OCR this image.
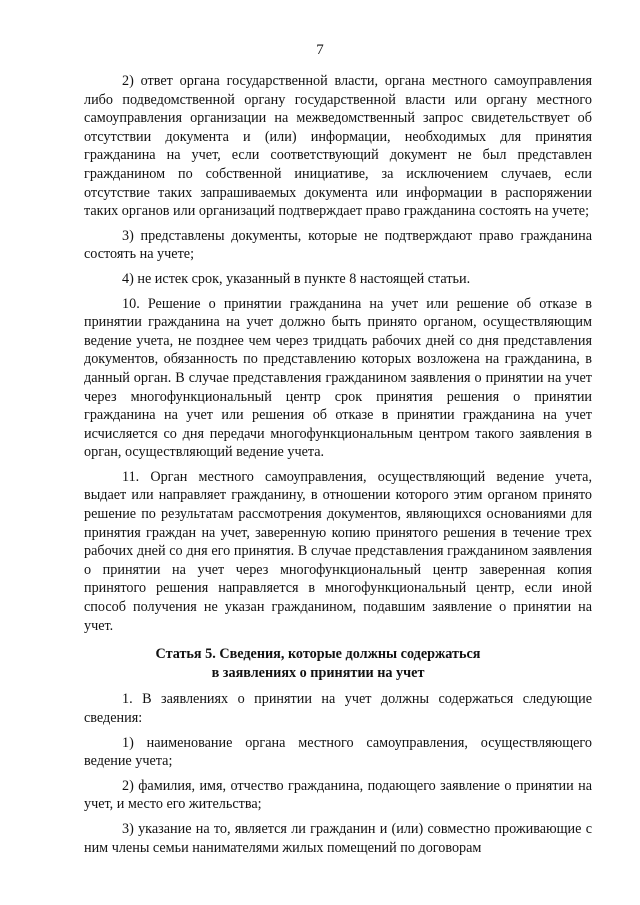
7

2) ответ органа государственной власти, органа местного самоуправления либо подведомственной органу государственной власти или органу местного самоуправления организации на межведомственный запрос свидетельствует об отсутствии документа и (или) информации, необходимых для принятия гражданина на учет, если соответствующий документ не был представлен гражданином по собственной инициативе, за исключением случаев, если отсутствие таких запрашиваемых документа или информации в распоряжении таких органов или организаций подтверждает право гражданина состоять на учете;

3) представлены документы, которые не подтверждают право гражданина состоять на учете;

4) не истек срок, указанный в пункте 8 настоящей статьи.

10. Решение о принятии гражданина на учет или решение об отказе в принятии гражданина на учет должно быть принято органом, осуществляющим ведение учета, не позднее чем через тридцать рабочих дней со дня представления документов, обязанность по представлению которых возложена на гражданина, в данный орган. В случае представления гражданином заявления о принятии на учет через многофункциональный центр срок принятия решения о принятии гражданина на учет или решения об отказе в принятии гражданина на учет исчисляется со дня передачи многофункциональным центром такого заявления в орган, осуществляющий ведение учета.

11. Орган местного самоуправления, осуществляющий ведение учета, выдает или направляет гражданину, в отношении которого этим органом принято решение по результатам рассмотрения документов, являющихся основаниями для принятия граждан на учет, заверенную копию принятого решения в течение трех рабочих дней со дня его принятия. В случае представления гражданином заявления о принятии на учет через многофункциональный центр заверенная копия принятого решения направляется в многофункциональный центр, если иной способ получения не указан гражданином, подавшим заявление о принятии на учет.

Статья 5. Сведения, которые должны содержаться
в заявлениях о принятии на учет

1. В заявлениях о принятии на учет должны содержаться следующие сведения:

1) наименование органа местного самоуправления, осуществляющего ведение учета;

2) фамилия, имя, отчество гражданина, подающего заявление о принятии на учет, и место его жительства;

3) указание на то, является ли гражданин и (или) совместно проживающие с ним члены семьи нанимателями жилых помещений по договорам
